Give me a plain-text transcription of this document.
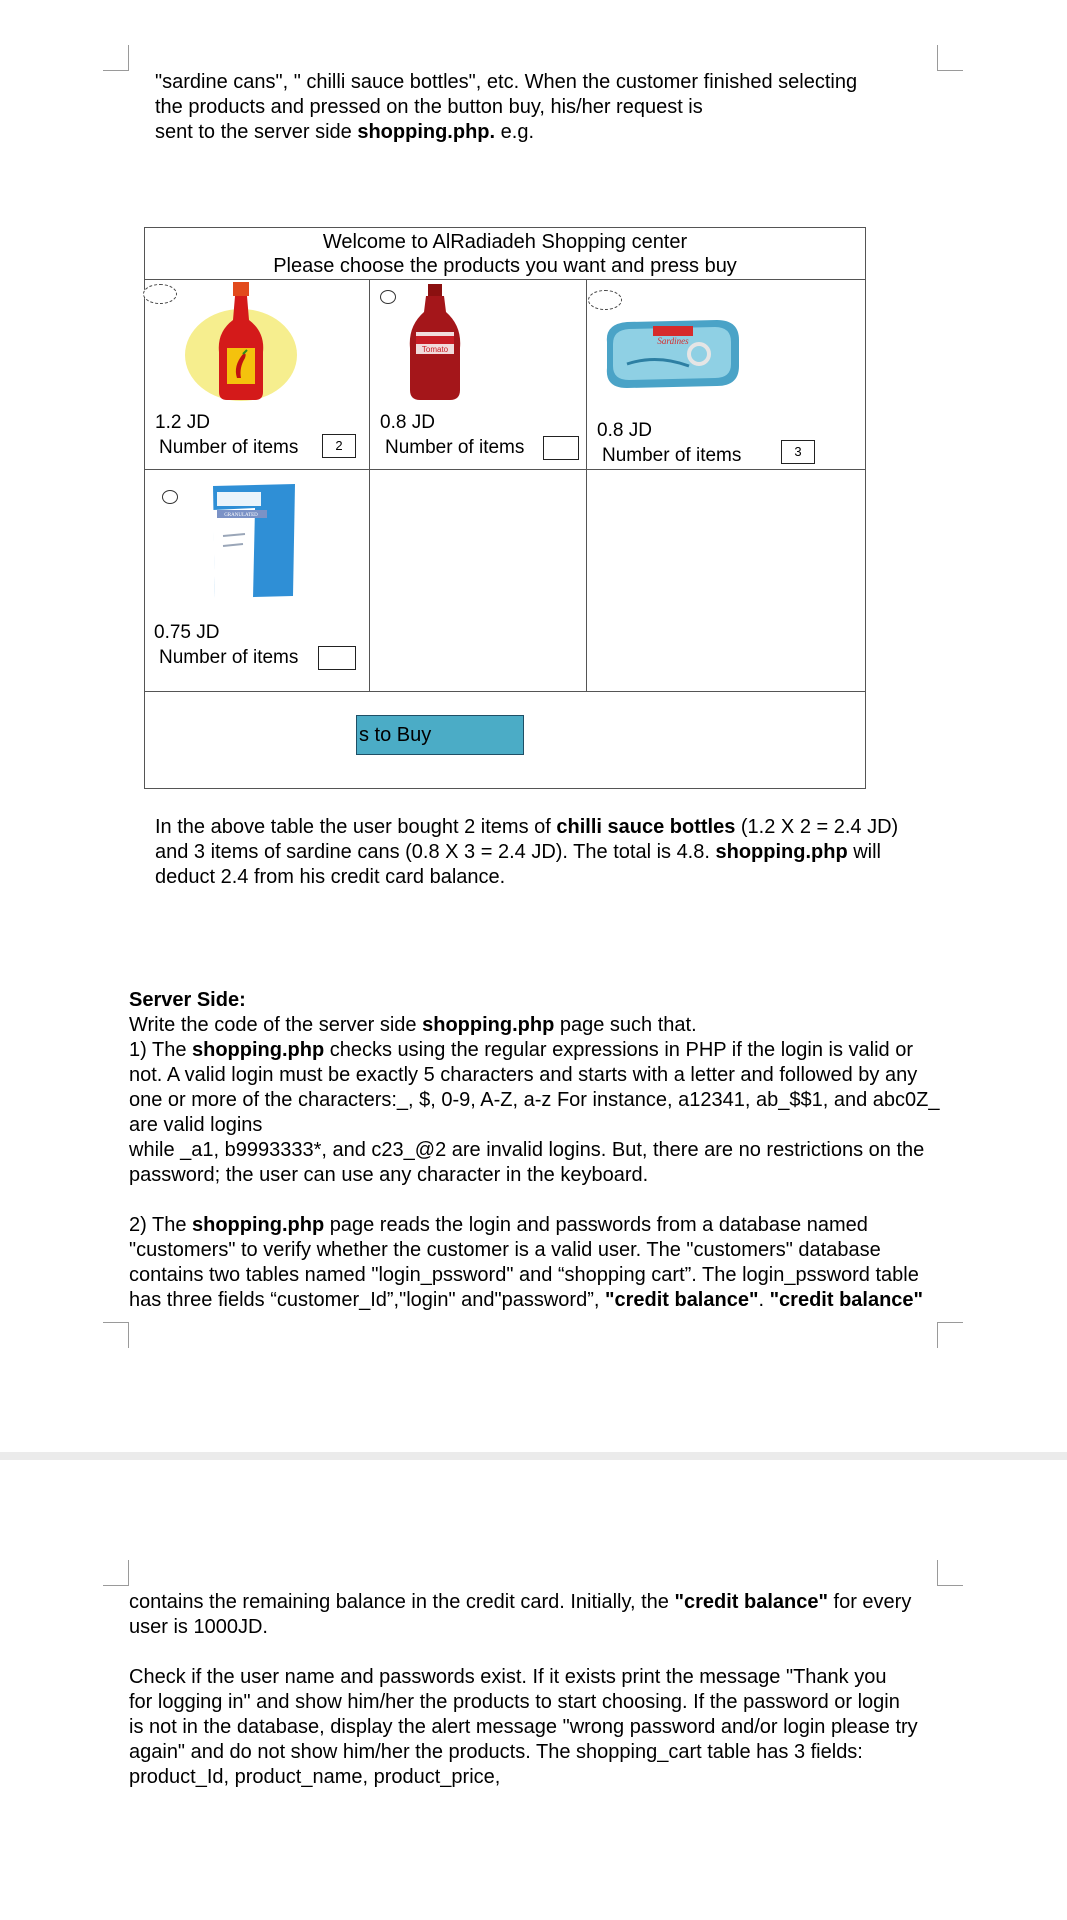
"sardine cans", " chilli sauce bottles", etc. When the customer finished selecting
the products and pressed on the button buy, his/her request is
sent to the server side shopping.php. e.g.
Welcome to AlRadiadeh Shopping center
Please choose the products you want and press buy
1.2 JD
Number of items	2
Tomato
0.8 JD
Number of items
Sardines
0.8 JD
Number of items	3
GRANULATED
0.75 JD
Number of items
s to Buy
In the above table the user bought 2 items of chilli sauce bottles (1.2 X 2 = 2.4 JD)
and 3 items of sardine cans (0.8 X 3 = 2.4 JD). The total is 4.8. shopping.php will
deduct 2.4 from his credit card balance.
Server Side:
Write the code of the server side shopping.php page such that.
1) The shopping.php checks using the regular expressions in PHP if the login is valid or
not. A valid login must be exactly 5 characters and starts with a letter and followed by any
one or more of the characters:_, $, 0-9, A-Z, a-z For instance, a12341, ab_$$1, and abc0Z_
are valid logins
while _a1, b9993333*, and c23_@2 are invalid logins. But, there are no restrictions on the
password; the user can use any character in the keyboard.
2) The shopping.php page reads the login and passwords from a database named
"customers" to verify whether the customer is a valid user. The "customers" database
contains two tables named "login_pssword" and “shopping cart”. The login_pssword table
has three fields “customer_Id”,"login" and"password”, "credit balance". "credit balance"
contains the remaining balance in the credit card. Initially, the "credit balance" for every
user is 1000JD.
Check if the user name and passwords exist. If it exists print the message "Thank you
for logging in" and show him/her the products to start choosing. If the password or login
is not in the database, display the alert message "wrong password and/or login please try
again" and do not show him/her the products. The shopping_cart table has 3 fields:
product_Id, product_name, product_price,
